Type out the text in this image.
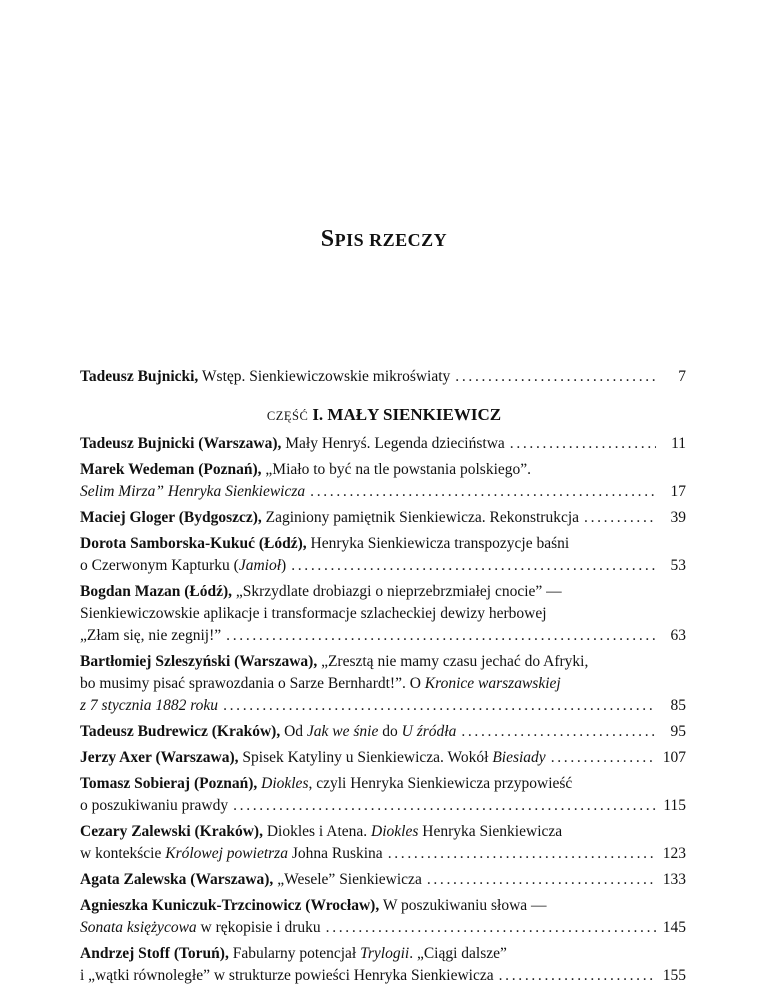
SPIS RZECZY
Tadeusz Bujnicki, Wstęp. Sienkiewiczowskie mikroświaty . . .	7
CZĘŚĆ I. MAŁY SIENKIEWICZ
Tadeusz Bujnicki (Warszawa), Mały Henryś. Legenda dzieciństwa . . .	11
Marek Wedeman (Poznań), „Miało to być na tle powstania polskiego”.
Selim Mirza” Henryka Sienkiewicza . . .	17
Maciej Gloger (Bydgoszcz), Zaginiony pamiętnik Sienkiewicza. Rekonstrukcja . . .	39
Dorota Samborska-Kukuć (Łódź), Henryka Sienkiewicza transpozycje baśni
o Czerwonym Kapturku (Jamioł) . . .	53
Bogdan Mazan (Łódź), „Skrzydlate drobiazgi o nieprzebrzmiałej cnocie” —
Sienkiewiczowskie aplikacje i transformacje szlacheckiej dewizy herbowej
„Złam się, nie zegnij!” . . .	63
Bartłomiej Szleszyński (Warszawa), „Zresztą nie mamy czasu jechać do Afryki,
bo musimy pisać sprawozdania o Sarze Bernhardt!”. O Kronice warszawskiej
z 7 stycznia 1882 roku . . .	85
Tadeusz Budrewicz (Kraków), Od Jak we śnie do U źródła . . .	95
Jerzy Axer (Warszawa), Spisek Katyliny u Sienkiewicza. Wokół Biesiady . . .	107
Tomasz Sobieraj (Poznań), Diokles, czyli Henryka Sienkiewicza przypowieść
o poszukiwaniu prawdy . . .	115
Cezary Zalewski (Kraków), Diokles i Atena. Diokles Henryka Sienkiewicza
w kontekście Królowej powietrza Johna Ruskina . . .	123
Agata Zalewska (Warszawa), „Wesele” Sienkiewicza . . .	133
Agnieszka Kuniczuk-Trzcinowicz (Wrocław), W poszukiwaniu słowa —
Sonata księżycowa w rękopisie i druku . . .	145
Andrzej Stoff (Toruń), Fabularny potencjał Trylogii. „Ciągi dalsze”
i „wątki równoległe” w strukturze powieści Henryka Sienkiewicza . . .	155
